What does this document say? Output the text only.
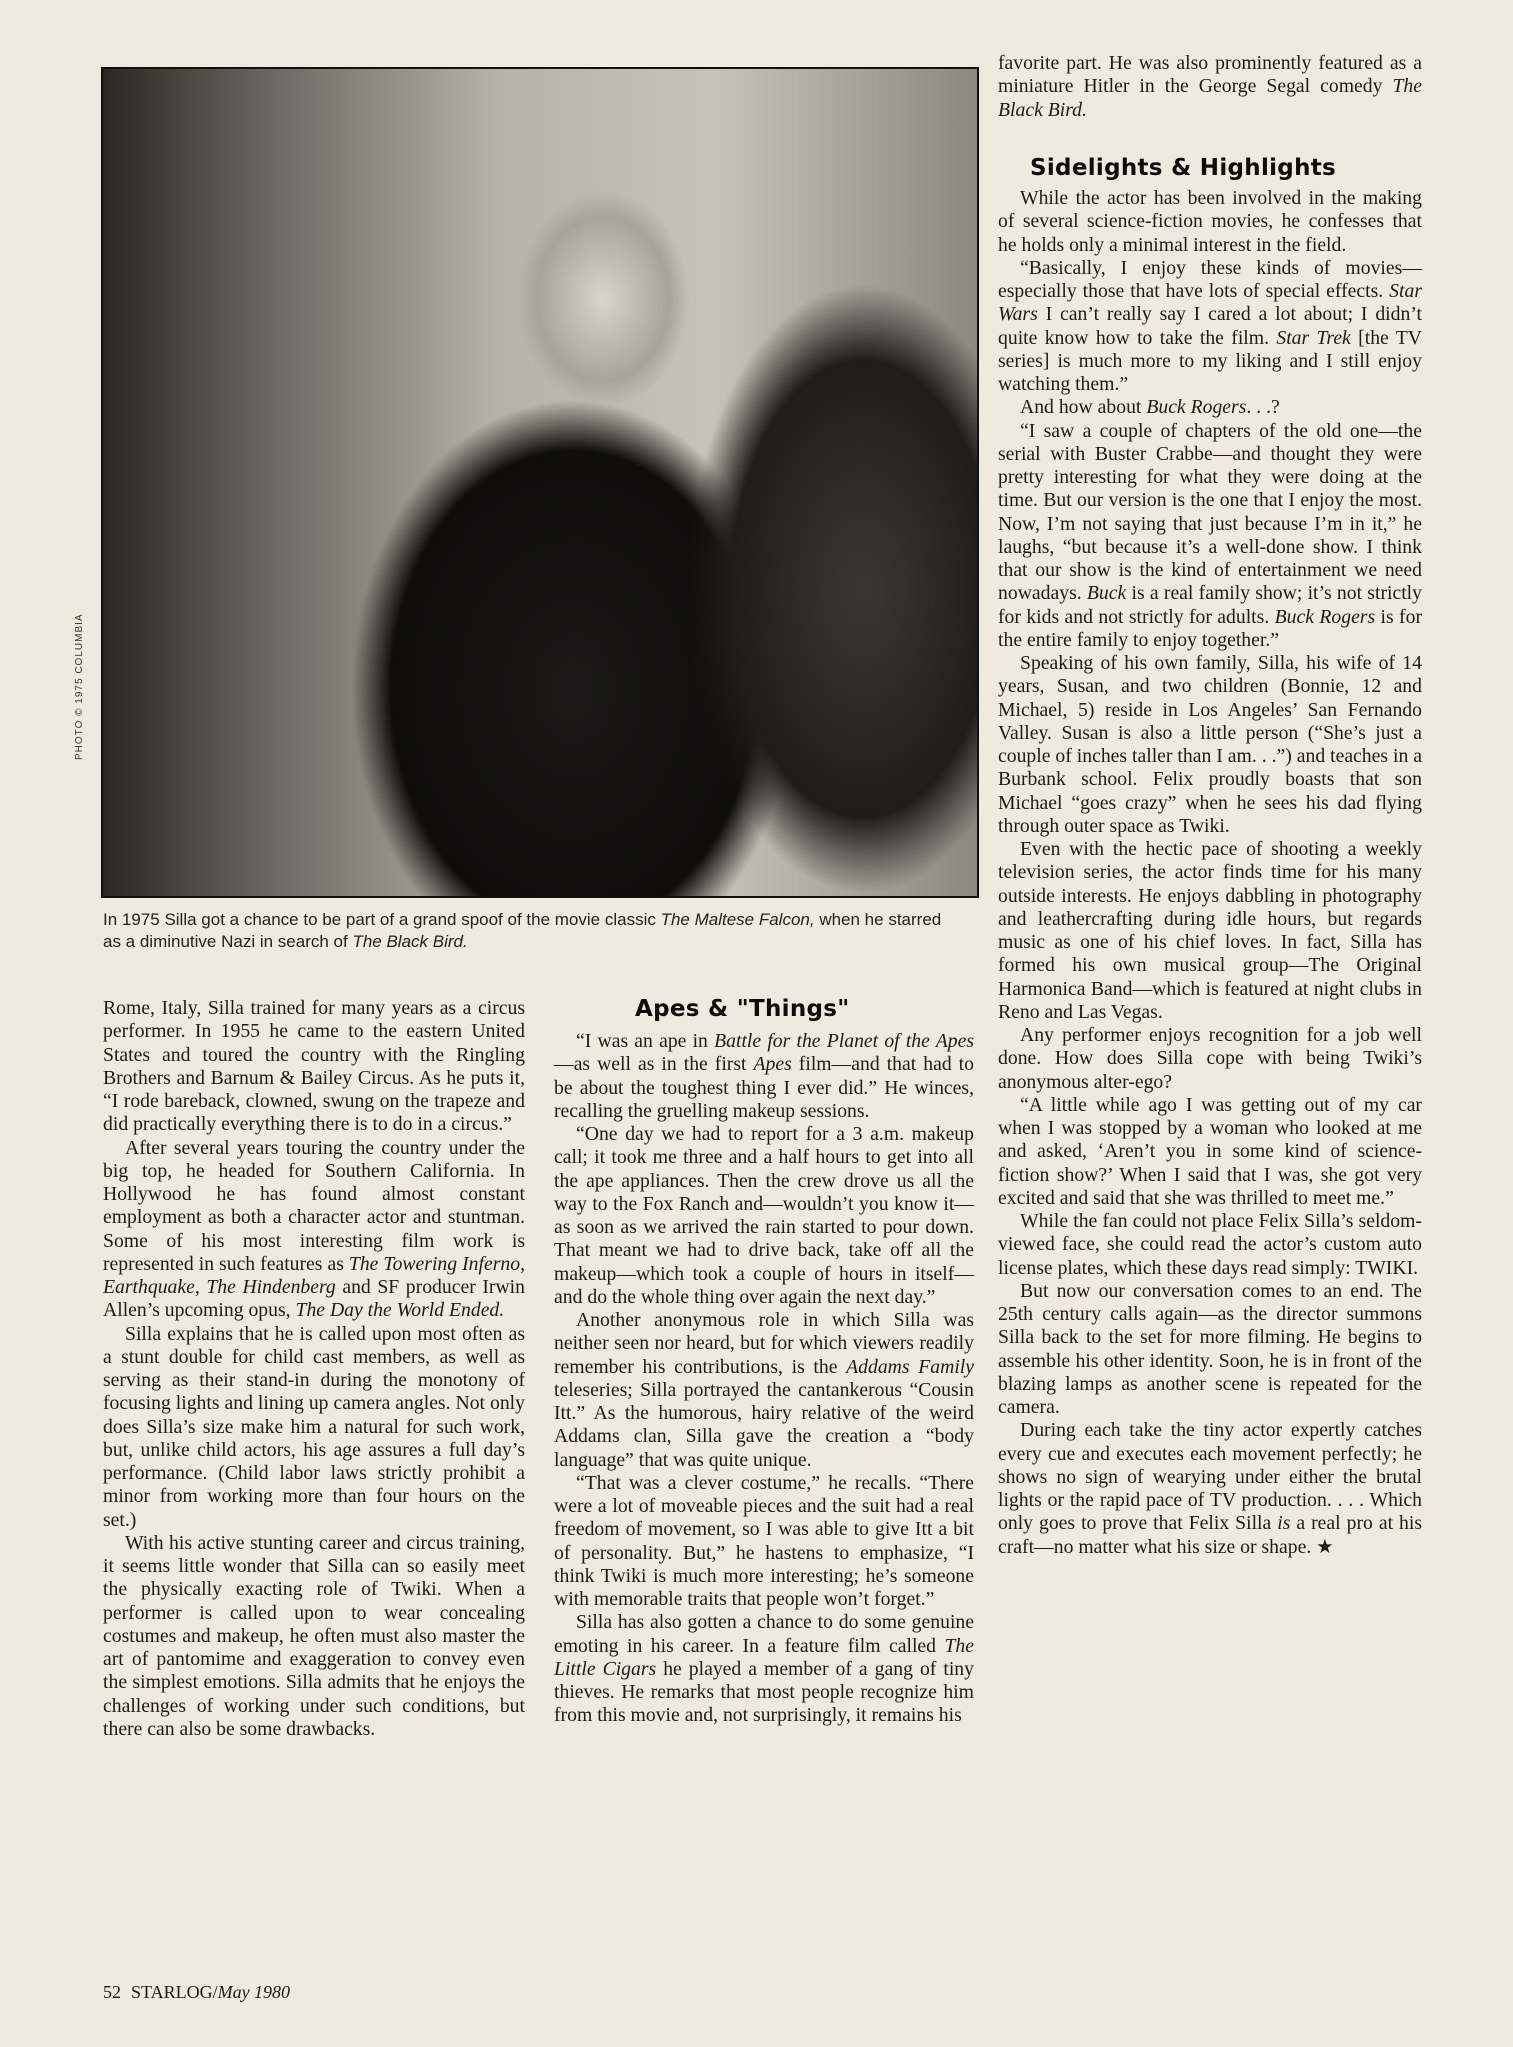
PHOTO © 1975 COLUMBIA
In 1975 Silla got a chance to be part of a grand spoof of the movie classic The Maltese Falcon, when he starred as a diminutive Nazi in search of The Black Bird.

Rome, Italy, Silla trained for many years as a circus performer. In 1955 he came to the eastern United States and toured the country with the Ringling Brothers and Barnum & Bailey Circus. As he puts it, “I rode bareback, clowned, swung on the trapeze and did practically everything there is to do in a circus.”

After several years touring the country under the big top, he headed for Southern California. In Hollywood he has found almost constant employment as both a character actor and stuntman. Some of his most interesting film work is represented in such features as The Towering Inferno, Earthquake, The Hindenberg and SF producer Irwin Allen’s upcoming opus, The Day the World Ended.

Silla explains that he is called upon most often as a stunt double for child cast members, as well as serving as their stand-in during the monotony of focusing lights and lining up camera angles. Not only does Silla’s size make him a natural for such work, but, unlike child actors, his age assures a full day’s performance. (Child labor laws strictly prohibit a minor from working more than four hours on the set.)

With his active stunting career and circus training, it seems little wonder that Silla can so easily meet the physically exacting role of Twiki. When a performer is called upon to wear concealing costumes and makeup, he often must also master the art of pantomime and exaggeration to convey even the simplest emotions. Silla admits that he enjoys the challenges of working under such conditions, but there can also be some drawbacks.

Apes & "Things"

“I was an ape in Battle for the Planet of the Apes—as well as in the first Apes film—and that had to be about the toughest thing I ever did.” He winces, recalling the gruelling makeup sessions.

“One day we had to report for a 3 a.m. makeup call; it took me three and a half hours to get into all the ape appliances. Then the crew drove us all the way to the Fox Ranch and—wouldn’t you know it—as soon as we arrived the rain started to pour down. That meant we had to drive back, take off all the makeup—which took a couple of hours in itself—and do the whole thing over again the next day.”

Another anonymous role in which Silla was neither seen nor heard, but for which viewers readily remember his contributions, is the Addams Family teleseries; Silla portrayed the cantankerous “Cousin Itt.” As the humorous, hairy relative of the weird Addams clan, Silla gave the creation a “body language” that was quite unique.

“That was a clever costume,” he recalls. “There were a lot of moveable pieces and the suit had a real freedom of movement, so I was able to give Itt a bit of personality. But,” he hastens to emphasize, “I think Twiki is much more interesting; he’s someone with memorable traits that people won’t forget.”

Silla has also gotten a chance to do some genuine emoting in his career. In a feature film called The Little Cigars he played a member of a gang of tiny thieves. He remarks that most people recognize him from this movie and, not surprisingly, it remains his

favorite part. He was also prominently featured as a miniature Hitler in the George Segal comedy The Black Bird.

Sidelights & Highlights

While the actor has been involved in the making of several science-fiction movies, he confesses that he holds only a minimal interest in the field.

“Basically, I enjoy these kinds of movies—especially those that have lots of special effects. Star Wars I can’t really say I cared a lot about; I didn’t quite know how to take the film. Star Trek [the TV series] is much more to my liking and I still enjoy watching them.”

And how about Buck Rogers. . .?

“I saw a couple of chapters of the old one—the serial with Buster Crabbe—and thought they were pretty interesting for what they were doing at the time. But our version is the one that I enjoy the most. Now, I’m not saying that just because I’m in it,” he laughs, “but because it’s a well-done show. I think that our show is the kind of entertainment we need nowadays. Buck is a real family show; it’s not strictly for kids and not strictly for adults. Buck Rogers is for the entire family to enjoy together.”

Speaking of his own family, Silla, his wife of 14 years, Susan, and two children (Bonnie, 12 and Michael, 5) reside in Los Angeles’ San Fernando Valley. Susan is also a little person (“She’s just a couple of inches taller than I am. . .”) and teaches in a Burbank school. Felix proudly boasts that son Michael “goes crazy” when he sees his dad flying through outer space as Twiki.

Even with the hectic pace of shooting a weekly television series, the actor finds time for his many outside interests. He enjoys dabbling in photography and leathercrafting during idle hours, but regards music as one of his chief loves. In fact, Silla has formed his own musical group—The Original Harmonica Band—which is featured at night clubs in Reno and Las Vegas.

Any performer enjoys recognition for a job well done. How does Silla cope with being Twiki’s anonymous alter-ego?

“A little while ago I was getting out of my car when I was stopped by a woman who looked at me and asked, ‘Aren’t you in some kind of science-fiction show?’ When I said that I was, she got very excited and said that she was thrilled to meet me.”

While the fan could not place Felix Silla’s seldom-viewed face, she could read the actor’s custom auto license plates, which these days read simply: TWIKI.

But now our conversation comes to an end. The 25th century calls again—as the director summons Silla back to the set for more filming. He begins to assemble his other identity. Soon, he is in front of the blazing lamps as another scene is repeated for the camera.

During each take the tiny actor expertly catches every cue and executes each movement perfectly; he shows no sign of wearying under either the brutal lights or the rapid pace of TV production. . . . Which only goes to prove that Felix Silla is a real pro at his craft—no matter what his size or shape. ★

52 STARLOG/May 1980
